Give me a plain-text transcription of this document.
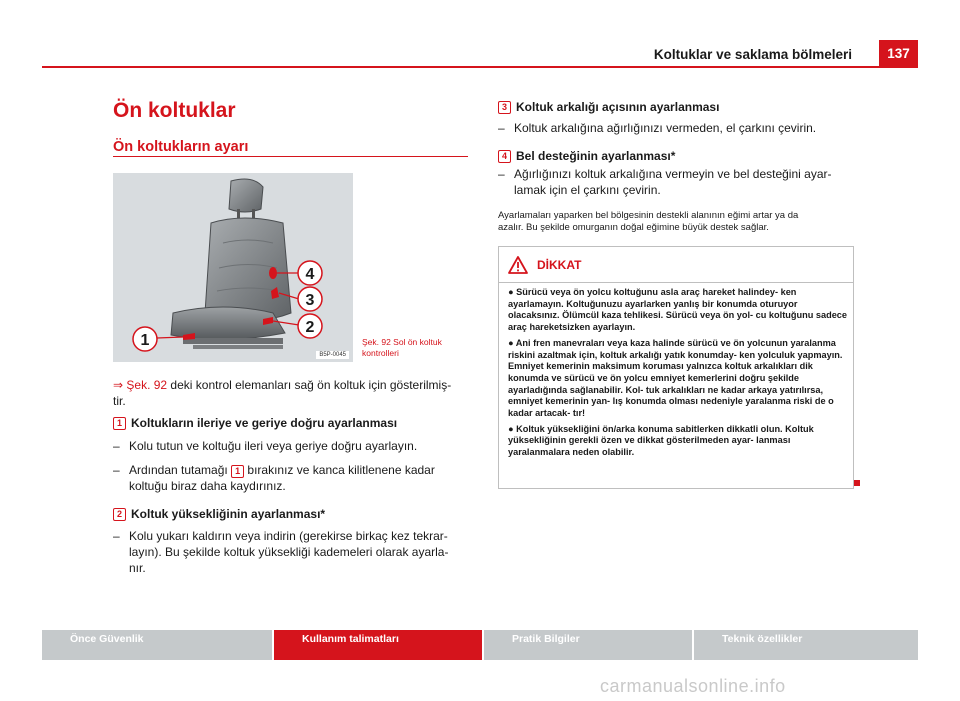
Koltuklar ve saklama bölmeleri	137
Ön koltuklar
Ön koltukların ayarı
4
3
2
1
B5P-0045
Şek. 92 Sol ön koltuk
kontrolleri
⇒ Şek. 92 deki kontrol elemanları sağ ön koltuk için gösterilmiş-
tir.
1 Koltukların ileriye ve geriye doğru ayarlanması
– Kolu tutun ve koltuğu ileri veya geriye doğru ayarlayın.
– Ardından tutamağı 1 bırakınız ve kanca kilitlenene kadar
koltuğu biraz daha kaydırınız.
2 Koltuk yüksekliğinin ayarlanması*
– Kolu yukarı kaldırın veya indirin (gerekirse birkaç kez tekrar-
layın). Bu şekilde koltuk yüksekliği kademeleri olarak ayarla-
nır.
3 Koltuk arkalığı açısının ayarlanması
– Koltuk arkalığına ağırlığınızı vermeden, el çarkını çevirin.
4 Bel desteğinin ayarlanması*
– Ağırlığınızı koltuk arkalığına vermeyin ve bel desteğini ayar-
lamak için el çarkını çevirin.
Ayarlamaları yaparken bel bölgesinin destekli alanının eğimi artar ya da
azalır. Bu şekilde omurganın doğal eğimine büyük destek sağlar.
DİKKAT

● Sürücü veya ön yolcu koltuğunu asla araç hareket halindey- ken ayarlamayın. Koltuğunuzu ayarlarken yanlış bir konumda oturuyor olacaksınız. Ölümcül kaza tehlikesi. Sürücü veya ön yol- cu koltuğunu sadece araç hareketsizken ayarlayın.

● Ani fren manevraları veya kaza halinde sürücü ve ön yolcunun yaralanma riskini azaltmak için, koltuk arkalığı yatık konumday- ken yolculuk yapmayın. Emniyet kemerinin maksimum koruması yalnızca koltuk arkalıkları dik konumda ve sürücü ve ön yolcu emniyet kemerlerini doğru şekilde ayarladığında sağlanabilir. Kol- tuk arkalıkları ne kadar arkaya yatırılırsa, emniyet kemerinin yan- lış konumda olması nedeniyle yaralanma riski de o kadar artacak- tır!

● Koltuk yüksekliğini ön/arka konuma sabitlerken dikkatli olun. Koltuk yüksekliğinin gerekli özen ve dikkat gösterilmeden ayar- lanması yaralanmalara neden olabilir.

Önce Güvenlik	Kullanım talimatları	Pratik Bilgiler	Teknik özellikler
carmanualsonline.info
